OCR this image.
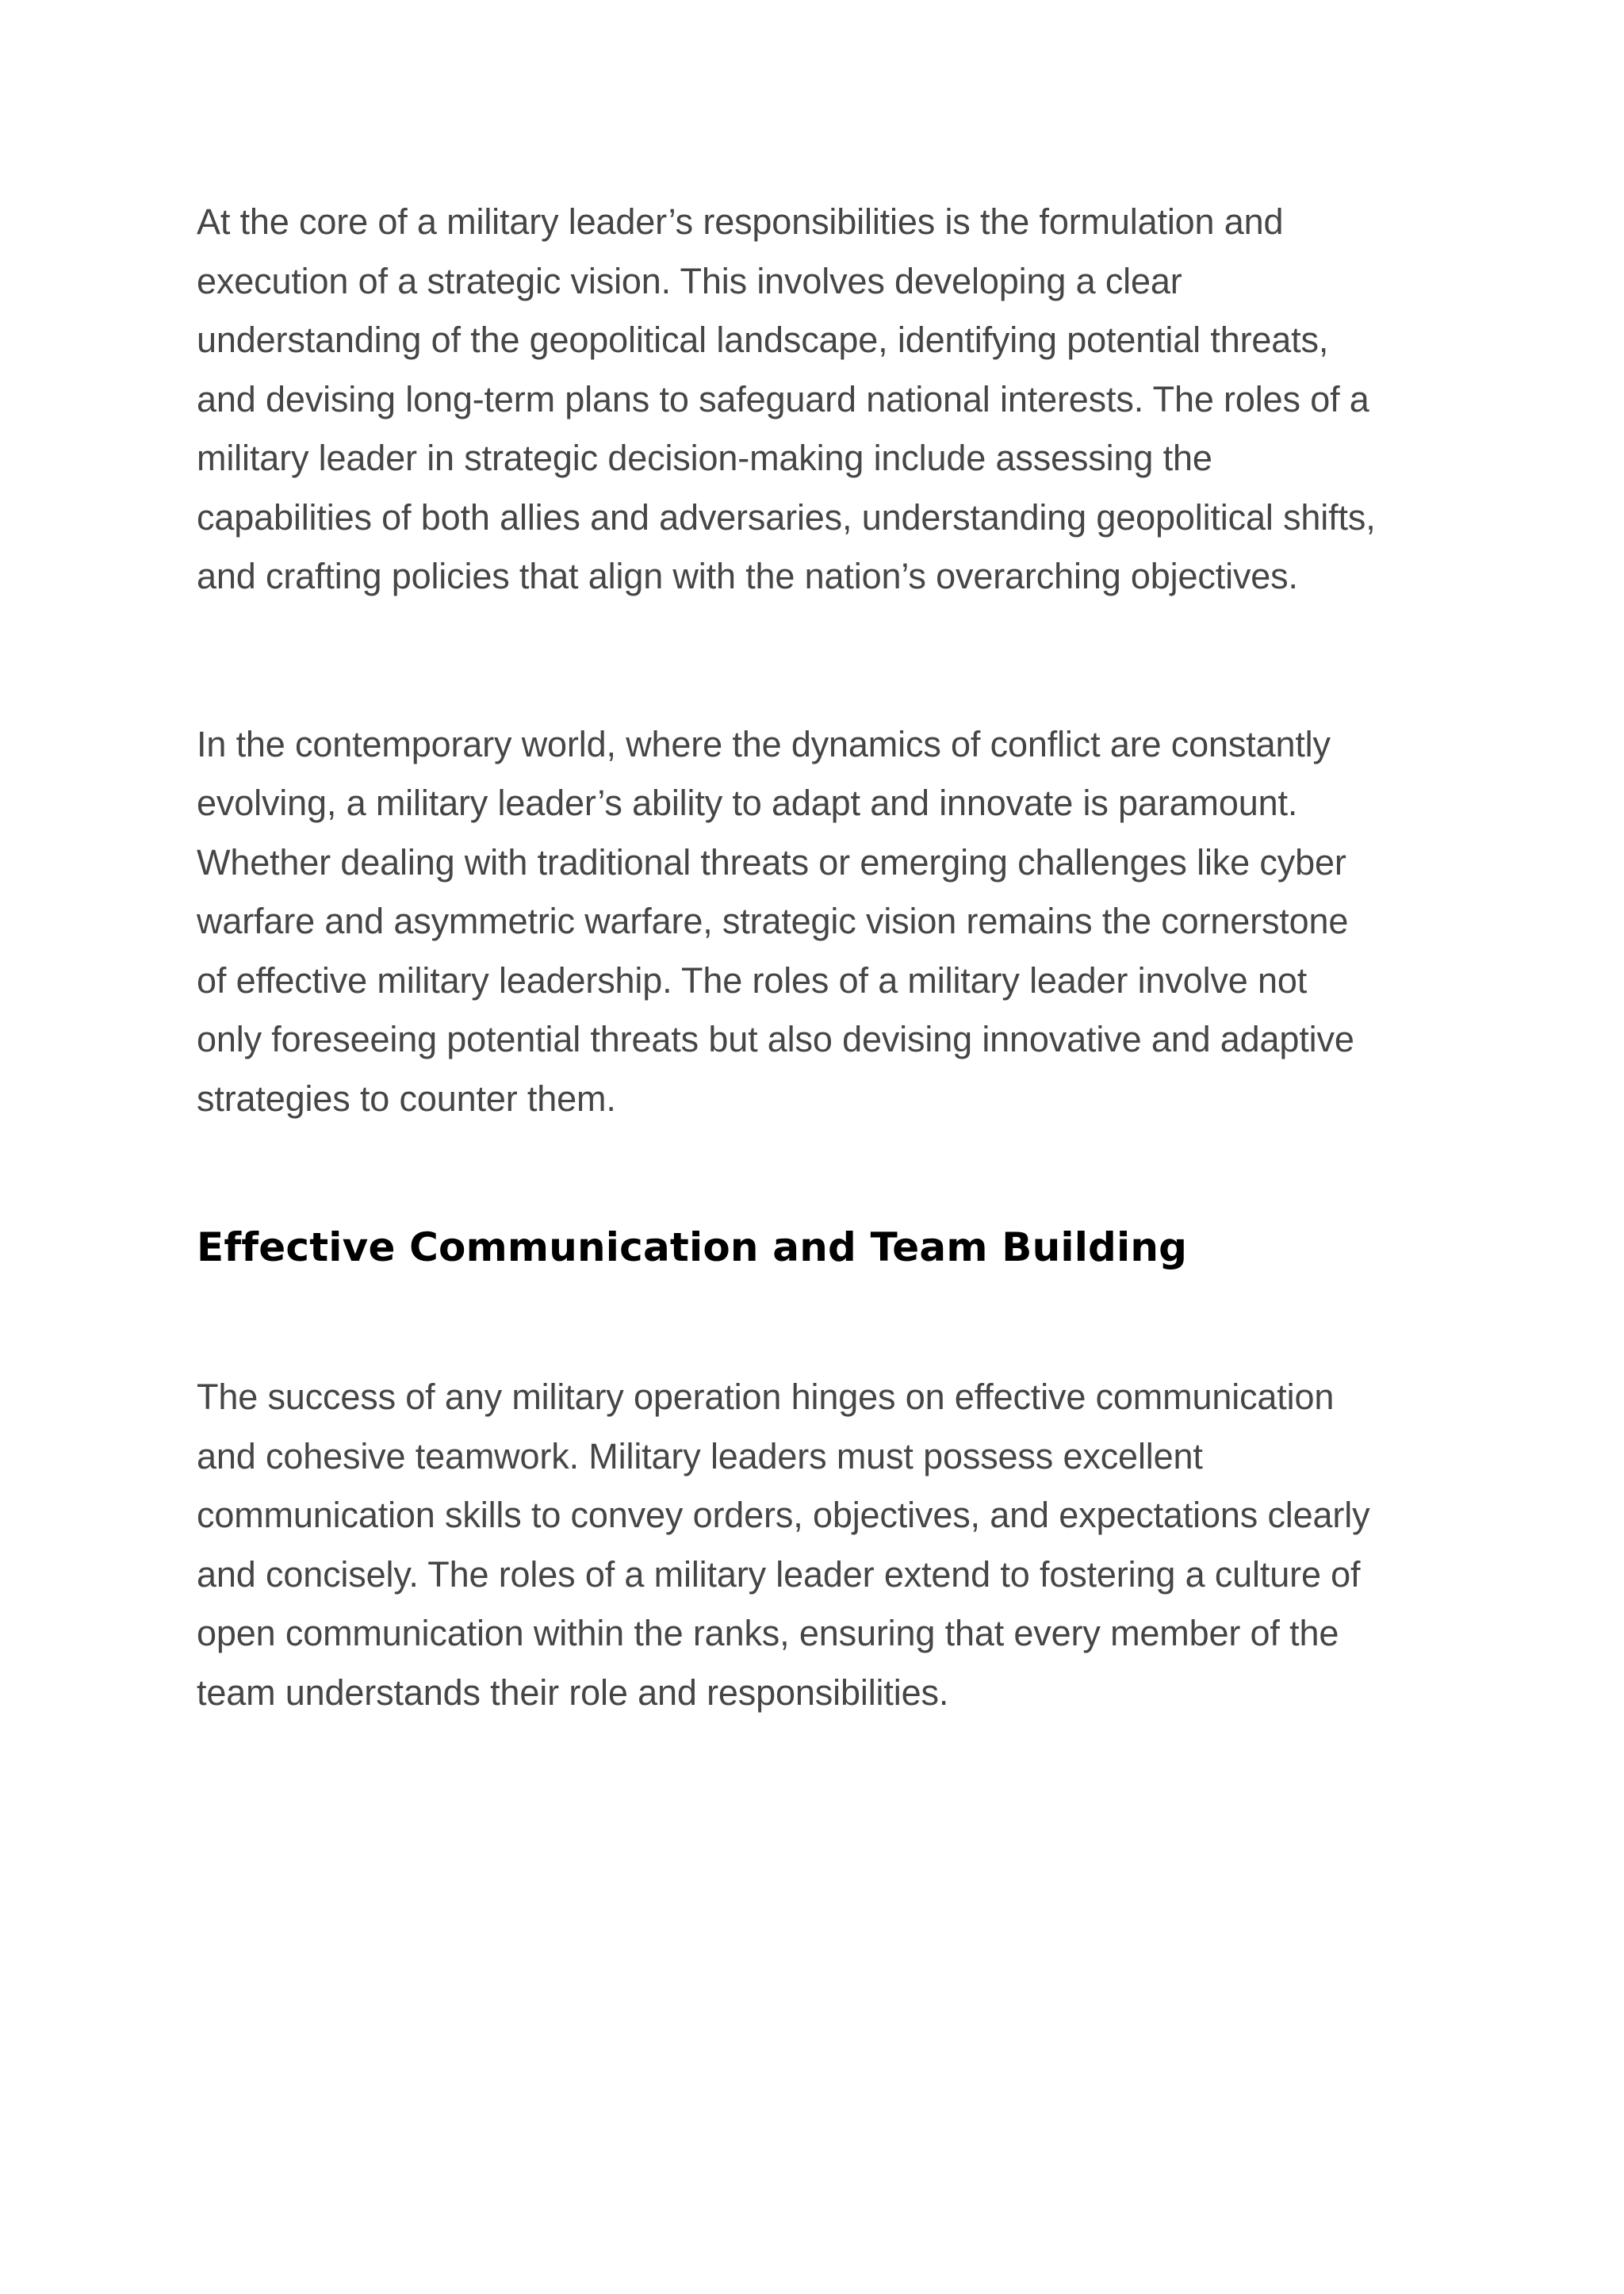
At the core of a military leader’s responsibilities is the formulation and
execution of a strategic vision. This involves developing a clear
understanding of the geopolitical landscape, identifying potential threats,
and devising long-term plans to safeguard national interests. The roles of a
military leader in strategic decision-making include assessing the
capabilities of both allies and adversaries, understanding geopolitical shifts,
and crafting policies that align with the nation’s overarching objectives.

In the contemporary world, where the dynamics of conflict are constantly
evolving, a military leader’s ability to adapt and innovate is paramount.
Whether dealing with traditional threats or emerging challenges like cyber
warfare and asymmetric warfare, strategic vision remains the cornerstone
of effective military leadership. The roles of a military leader involve not
only foreseeing potential threats but also devising innovative and adaptive
strategies to counter them.

Effective Communication and Team Building

The success of any military operation hinges on effective communication
and cohesive teamwork. Military leaders must possess excellent
communication skills to convey orders, objectives, and expectations clearly
and concisely. The roles of a military leader extend to fostering a culture of
open communication within the ranks, ensuring that every member of the
team understands their role and responsibilities.
